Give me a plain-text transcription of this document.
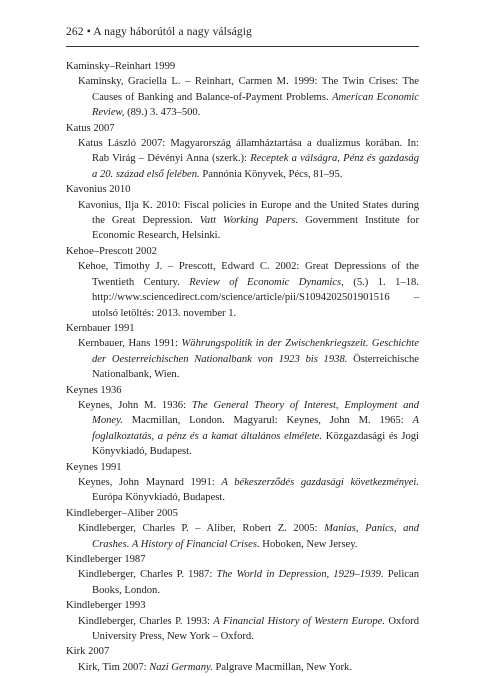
262 • A nagy háborútól a nagy válságig

Kaminsky–Reinhart 1999

Kaminsky, Graciella L. – Reinhart, Carmen M. 1999: The Twin Crises: The Causes of Banking and Balance-of-Payment Problems. American Economic Review, (89.) 3. 473–500.

Katus 2007

Katus László 2007: Magyarország államháztartása a dualizmus korában. In: Rab Virág – Dévényi Anna (szerk.): Receptek a válságra, Pénz és gazdaság a 20. század első felében. Pannónia Könyvek, Pécs, 81–95.

Kavonius 2010

Kavonius, Ilja K. 2010: Fiscal policies in Europe and the United States during the Great Depression. Vatt Working Papers. Government Institute for Economic Research, Helsinki.

Kehoe–Prescott 2002

Kehoe, Timothy J. – Prescott, Edward C. 2002: Great Depressions of the Twentieth Century. Review of Economic Dynamics, (5.) 1. 1–18. http://www.sciencedirect.com/science/article/pii/S1094202501901516 – utolsó letöltés: 2013. november 1.

Kernbauer 1991

Kernbauer, Hans 1991: Währungspolitik in der Zwischenkriegszeit. Geschichte der Oesterreichischen Nationalbank von 1923 bis 1938. Österreichische Nationalbank, Wien.

Keynes 1936

Keynes, John M. 1936: The General Theory of Interest, Employment and Money. Macmillan, London. Magyarul: Keynes, John M. 1965: A foglalkoztatás, a pénz és a kamat általános elmélete. Közgazdasági és Jogi Könyvkiadó, Budapest.

Keynes 1991

Keynes, John Maynard 1991: A békeszerződés gazdasági következményei. Európa Könyvkiadó, Budapest.

Kindleberger–Aliber 2005

Kindleberger, Charles P. – Aliber, Robert Z. 2005: Manias, Panics, and Crashes. A History of Financial Crises. Hoboken, New Jersey.

Kindleberger 1987

Kindleberger, Charles P. 1987: The World in Depression, 1929–1939. Pelican Books, London.

Kindleberger 1993

Kindleberger, Charles P. 1993: A Financial History of Western Europe. Oxford University Press, New York – Oxford.

Kirk 2007

Kirk, Tim 2007: Nazi Germany. Palgrave Macmillan, New York.
